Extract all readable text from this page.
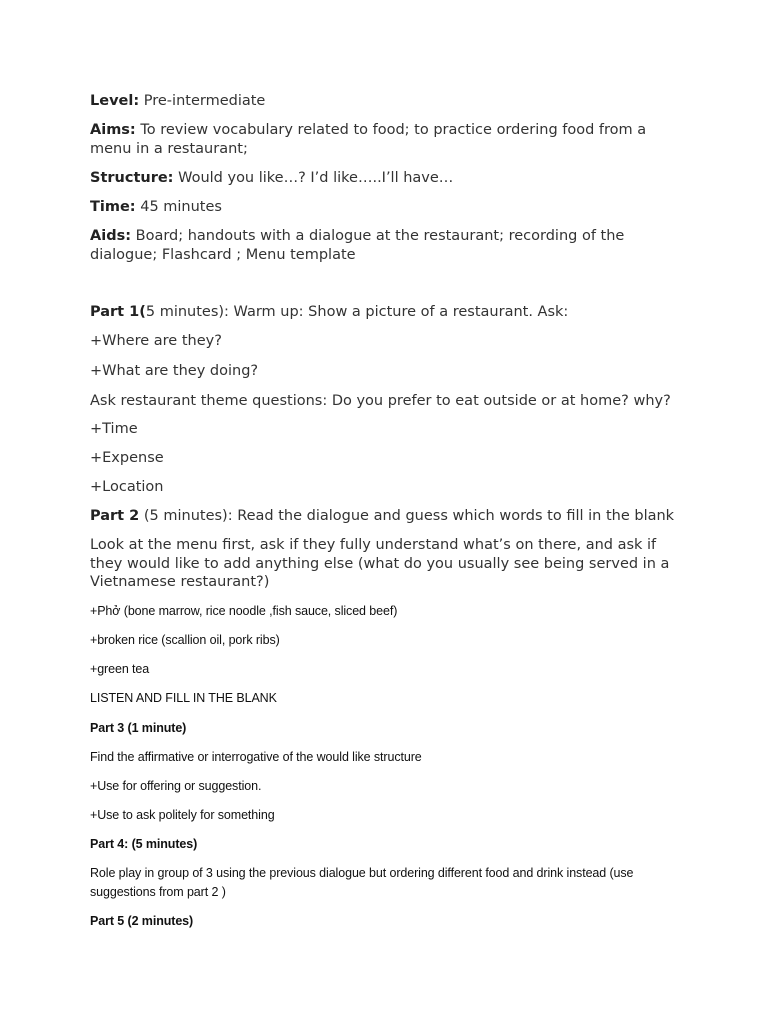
Level: Pre-intermediate

Aims: To review vocabulary related to food; to practice ordering food from a menu in a restaurant;

Structure: Would you like…? I’d like…..I’ll have…

Time: 45 minutes

Aids: Board; handouts with a dialogue at the restaurant; recording of the dialogue; Flashcard ; Menu template

Part 1(5 minutes): Warm up: Show a picture of a restaurant. Ask:

+Where are they?

+What are they doing?

Ask restaurant theme questions: Do you prefer to eat outside or at home? why?

+Time

+Expense

+Location

Part 2 (5 minutes): Read the dialogue and guess which words to fill in the blank

Look at the menu first, ask if they fully understand what’s on there, and ask if they would like to add anything else (what do you usually see being served in a Vietnamese restaurant?)

+Phở (bone marrow, rice noodle ,fish sauce, sliced beef)

+broken rice (scallion oil, pork ribs)

+green tea

LISTEN AND FILL IN THE BLANK

Part 3 (1 minute)

Find the affirmative or interrogative of the would like structure

+Use for offering or suggestion.

+Use to ask politely for something

Part 4: (5 minutes)

Role play in group of 3 using the previous dialogue but ordering different food and drink instead (use suggestions from part 2 )

Part 5 (2 minutes)
